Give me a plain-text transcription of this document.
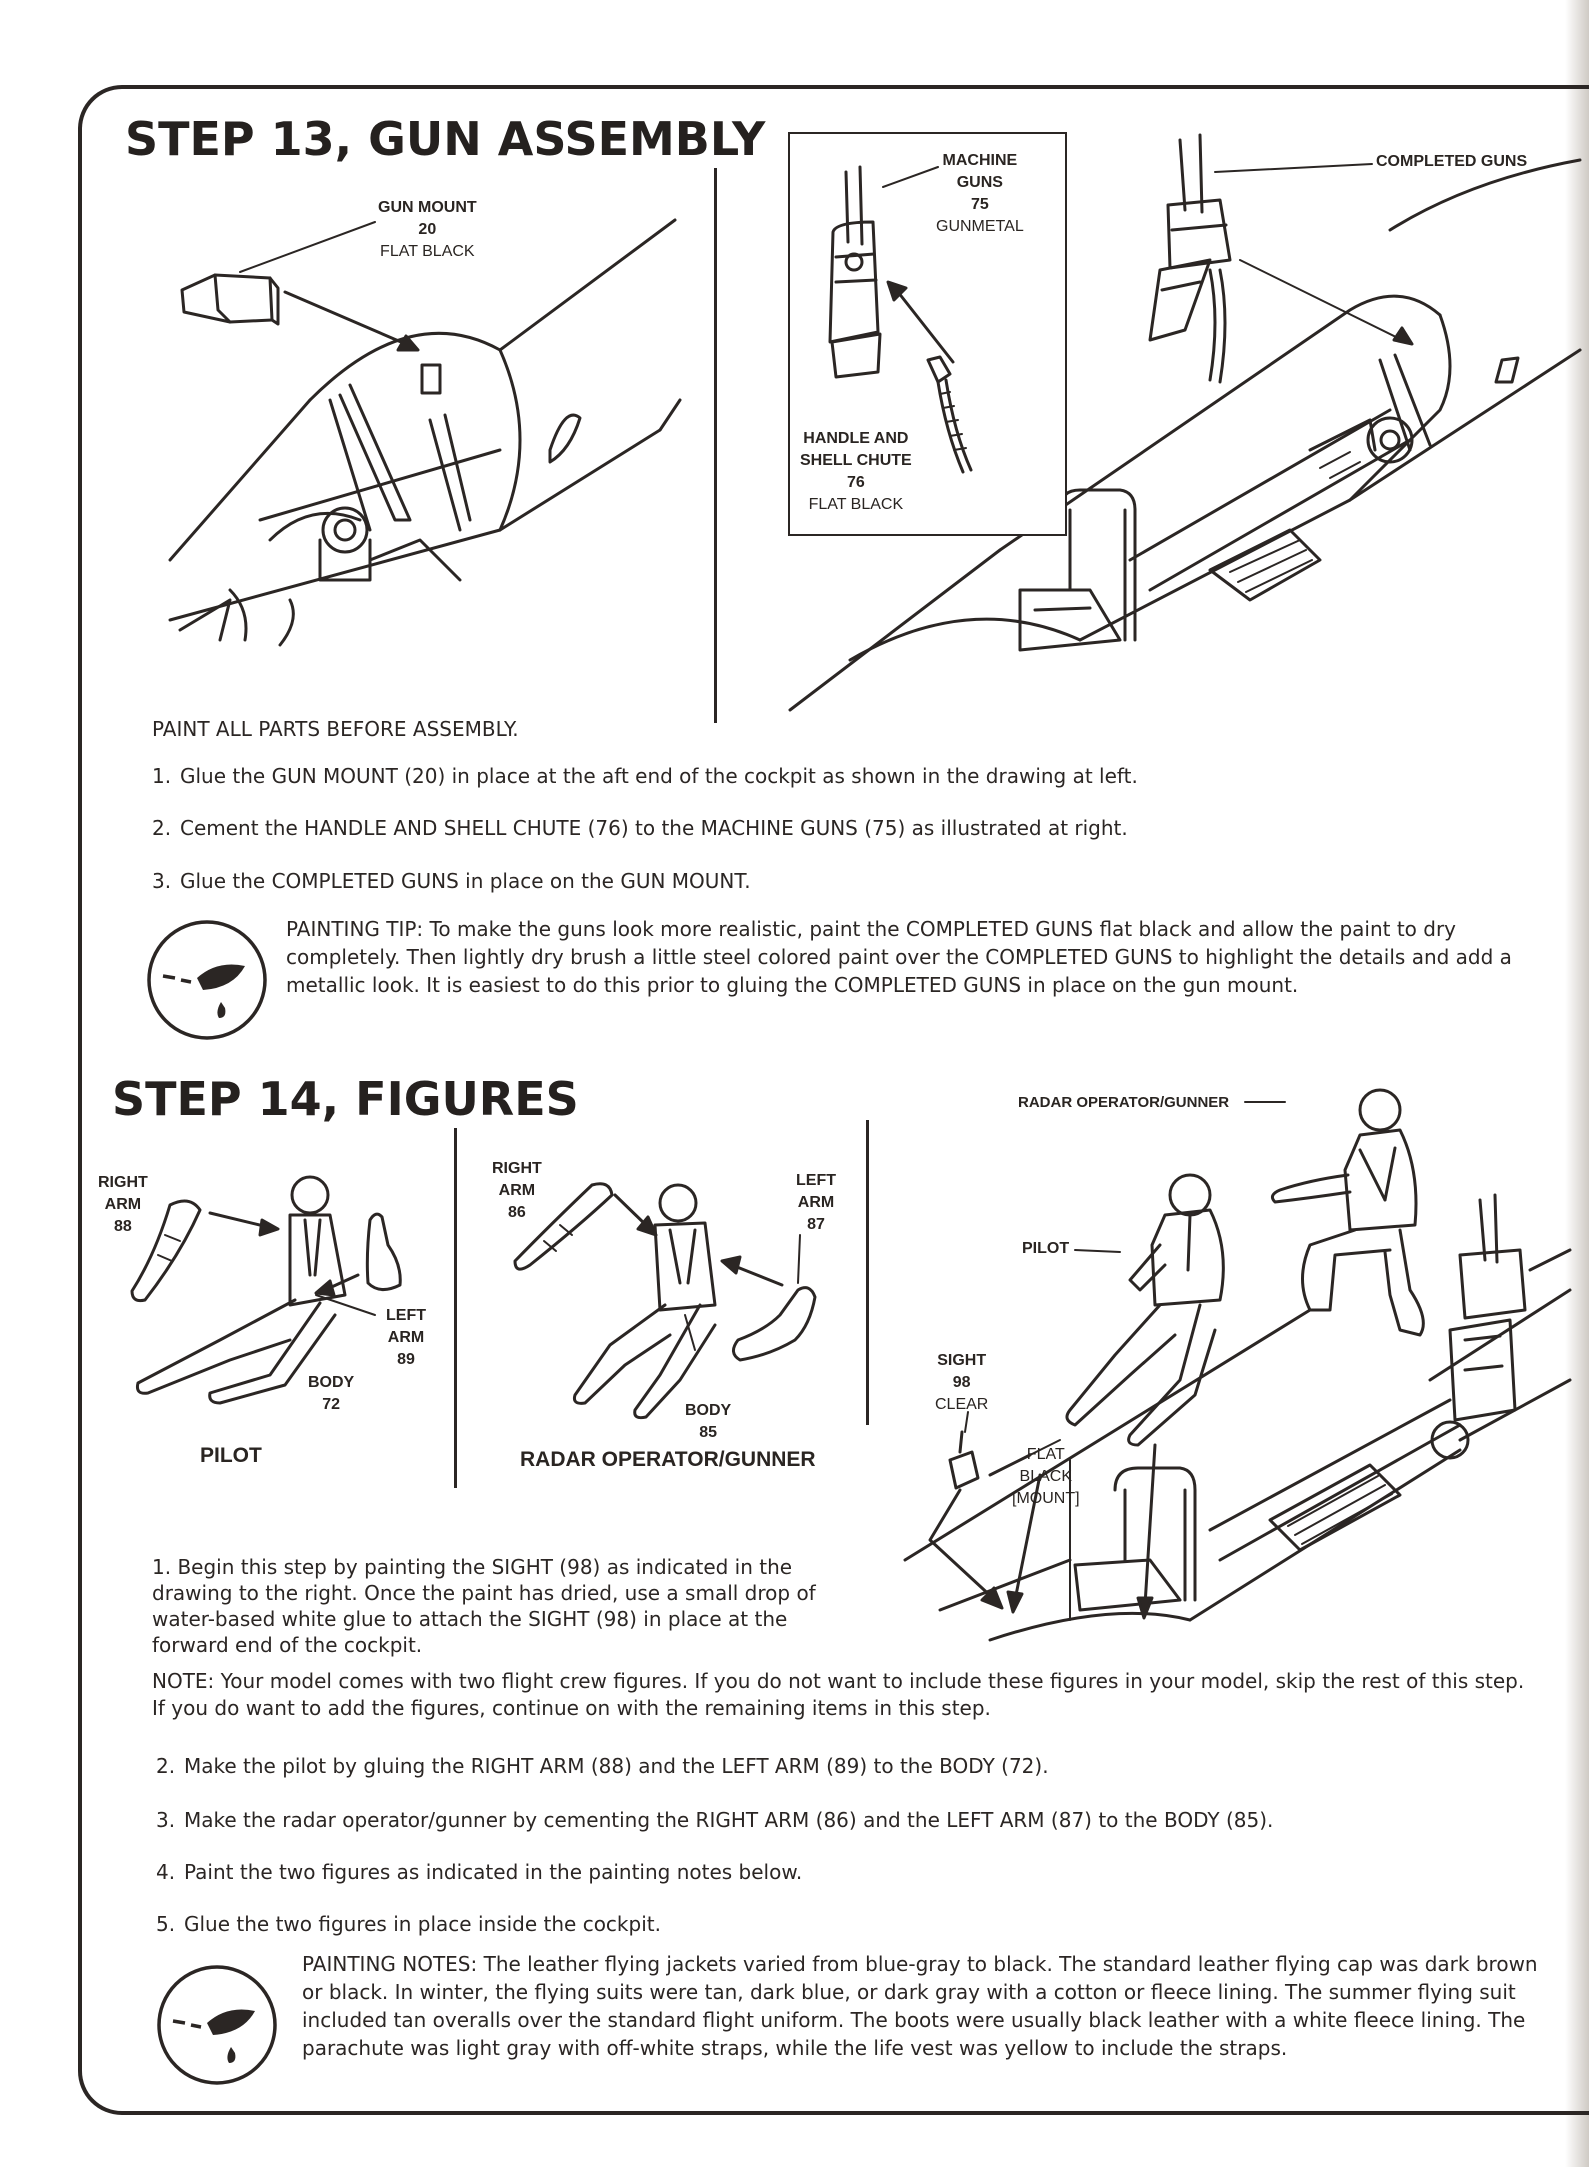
STEP 13, GUN ASSEMBLY
GUN MOUNT
20
FLAT BLACK
MACHINE
GUNS
75
GUNMETAL
HANDLE AND
SHELL CHUTE
76
FLAT BLACK
COMPLETED GUNS
PAINT ALL PARTS BEFORE ASSEMBLY.
1. Glue the GUN MOUNT (20) in place at the aft end of the cockpit as shown in the drawing at left.
2. Cement the HANDLE AND SHELL CHUTE (76) to the MACHINE GUNS (75) as illustrated at right.
3. Glue the COMPLETED GUNS in place on the GUN MOUNT.
PAINTING TIP: To make the guns look more realistic, paint the COMPLETED GUNS flat black and allow the paint to dry completely. Then lightly dry brush a little steel colored paint over the COMPLETED GUNS to highlight the details and add a metallic look. It is easiest to do this prior to gluing the COMPLETED GUNS in place on the gun mount.
STEP 14, FIGURES
RIGHT
ARM
88
LEFT
ARM
89
BODY
72
PILOT
RIGHT
ARM
86
LEFT
ARM
87
BODY
85
RADAR OPERATOR/GUNNER
RADAR OPERATOR/GUNNER
PILOT
SIGHT
98
CLEAR
FLAT
BLACK
[MOUNT]
1. Begin this step by painting the SIGHT (98) as indicated in the drawing to the right. Once the paint has dried, use a small drop of water-based white glue to attach the SIGHT (98) in place at the forward end of the cockpit.
NOTE: Your model comes with two flight crew figures. If you do not want to include these figures in your model, skip the rest of this step. If you do want to add the figures, continue on with the remaining items in this step.
2. Make the pilot by gluing the RIGHT ARM (88) and the LEFT ARM (89) to the BODY (72).
3. Make the radar operator/gunner by cementing the RIGHT ARM (86) and the LEFT ARM (87) to the BODY (85).
4. Paint the two figures as indicated in the painting notes below.
5. Glue the two figures in place inside the cockpit.
PAINTING NOTES: The leather flying jackets varied from blue-gray to black. The standard leather flying cap was dark brown or black. In winter, the flying suits were tan, dark blue, or dark gray with a cotton or fleece lining. The summer flying suit included tan overalls over the standard flight uniform. The boots were usually black leather with a white fleece lining. The parachute was light gray with off-white straps, while the life vest was yellow to include the straps.
